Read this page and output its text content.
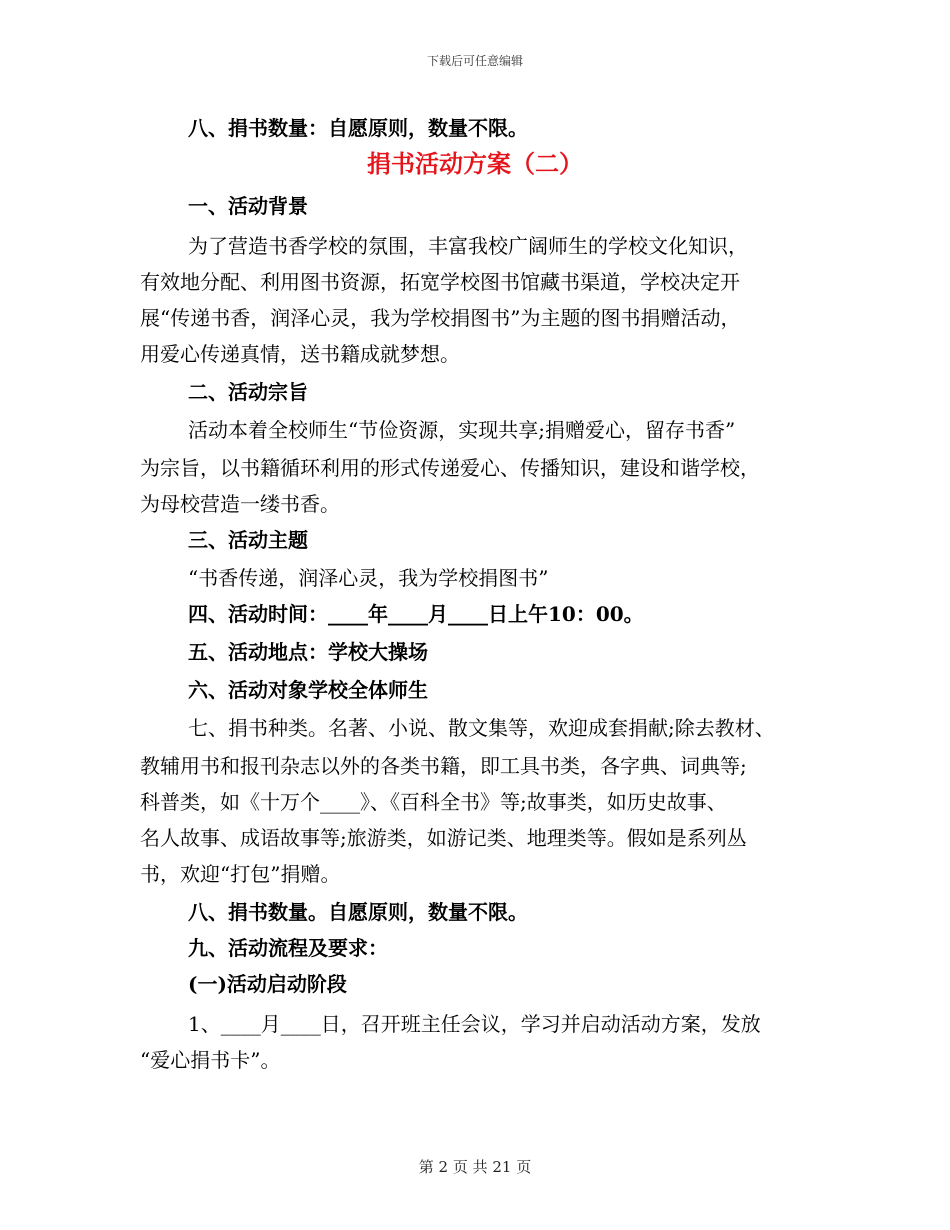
下载后可任意编辑
八、捐书数量：自愿原则，数量不限。
捐书活动方案（二）
一、活动背景
为了营造书香学校的氛围，丰富我校广阔师生的学校文化知识，
有效地分配、利用图书资源，拓宽学校图书馆藏书渠道，学校决定开
展“传递书香，润泽心灵，我为学校捐图书”为主题的图书捐赠活动，
用爱心传递真情，送书籍成就梦想。
二、活动宗旨
活动本着全校师生“节俭资源，实现共享;捐赠爱心，留存书香”
为宗旨，以书籍循环利用的形式传递爱心、传播知识，建设和谐学校，
为母校营造一缕书香。
三、活动主题
“书香传递，润泽心灵，我为学校捐图书”
四、活动时间：____年____月____日上午10：00。
五、活动地点：学校大操场
六、活动对象学校全体师生
七、捐书种类。名著、小说、散文集等，欢迎成套捐献;除去教材、
教辅用书和报刊杂志以外的各类书籍，即工具书类，各字典、词典等;
科普类，如《十万个____》、《百科全书》等;故事类，如历史故事、
名人故事、成语故事等;旅游类，如游记类、地理类等。假如是系列丛
书，欢迎“打包”捐赠。
八、捐书数量。自愿原则，数量不限。
九、活动流程及要求：
(一)活动启动阶段
1、____月____日，召开班主任会议，学习并启动活动方案，发放
“爱心捐书卡”。
第 2 页 共 21 页
